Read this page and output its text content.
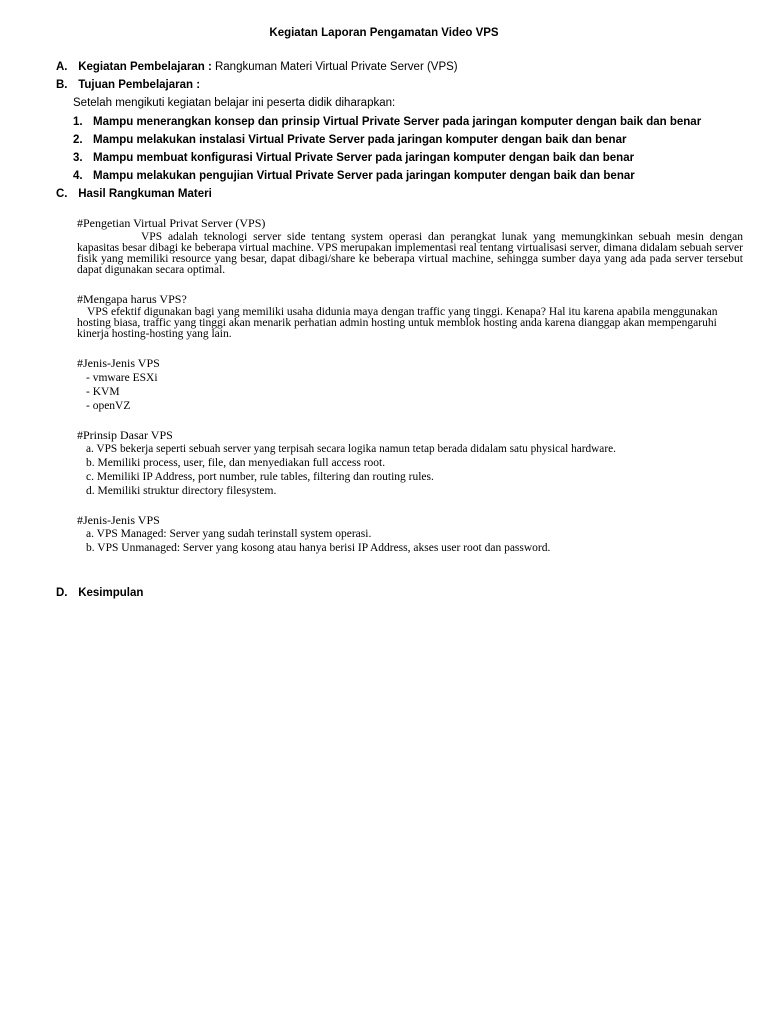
Kegiatan Laporan Pengamatan Video VPS
A. Kegiatan Pembelajaran : Rangkuman Materi Virtual Private Server (VPS)
B. Tujuan Pembelajaran :
Setelah mengikuti kegiatan belajar ini peserta didik diharapkan:
1. Mampu menerangkan konsep dan prinsip Virtual Private Server pada jaringan komputer dengan baik dan benar
2. Mampu melakukan instalasi Virtual Private Server pada jaringan komputer dengan baik dan benar
3. Mampu membuat konfigurasi Virtual Private Server pada jaringan komputer dengan baik dan benar
4. Mampu melakukan pengujian Virtual Private Server pada jaringan komputer dengan baik dan benar
C. Hasil Rangkuman Materi
#Pengetian Virtual Privat Server (VPS)
VPS adalah teknologi server side tentang system operasi dan perangkat lunak yang memungkinkan sebuah mesin dengan kapasitas besar dibagi ke beberapa virtual machine. VPS merupakan implementasi real tentang virtualisasi server, dimana didalam sebuah server fisik yang memiliki resource yang besar, dapat dibagi/share ke beberapa virtual machine, sehingga sumber daya yang ada pada server tersebut dapat digunakan secara optimal.
#Mengapa harus VPS?
VPS efektif digunakan bagi yang memiliki usaha didunia maya dengan traffic yang tinggi. Kenapa? Hal itu karena apabila menggunakan hosting biasa, traffic yang tinggi akan menarik perhatian admin hosting untuk memblok hosting anda karena dianggap akan mempengaruhi kinerja hosting-hosting yang lain.
#Jenis-Jenis VPS
- vmware ESXi
- KVM
- openVZ
#Prinsip Dasar VPS
a. VPS bekerja seperti sebuah server yang terpisah secara logika namun tetap berada didalam satu physical hardware.
b. Memiliki process, user, file, dan menyediakan full access root.
c. Memiliki IP Address, port number, rule tables, filtering dan routing rules.
d. Memiliki struktur directory filesystem.
#Jenis-Jenis VPS
a. VPS Managed: Server yang sudah terinstall system operasi.
b. VPS Unmanaged: Server yang kosong atau hanya berisi IP Address, akses user root dan password.
D. Kesimpulan
